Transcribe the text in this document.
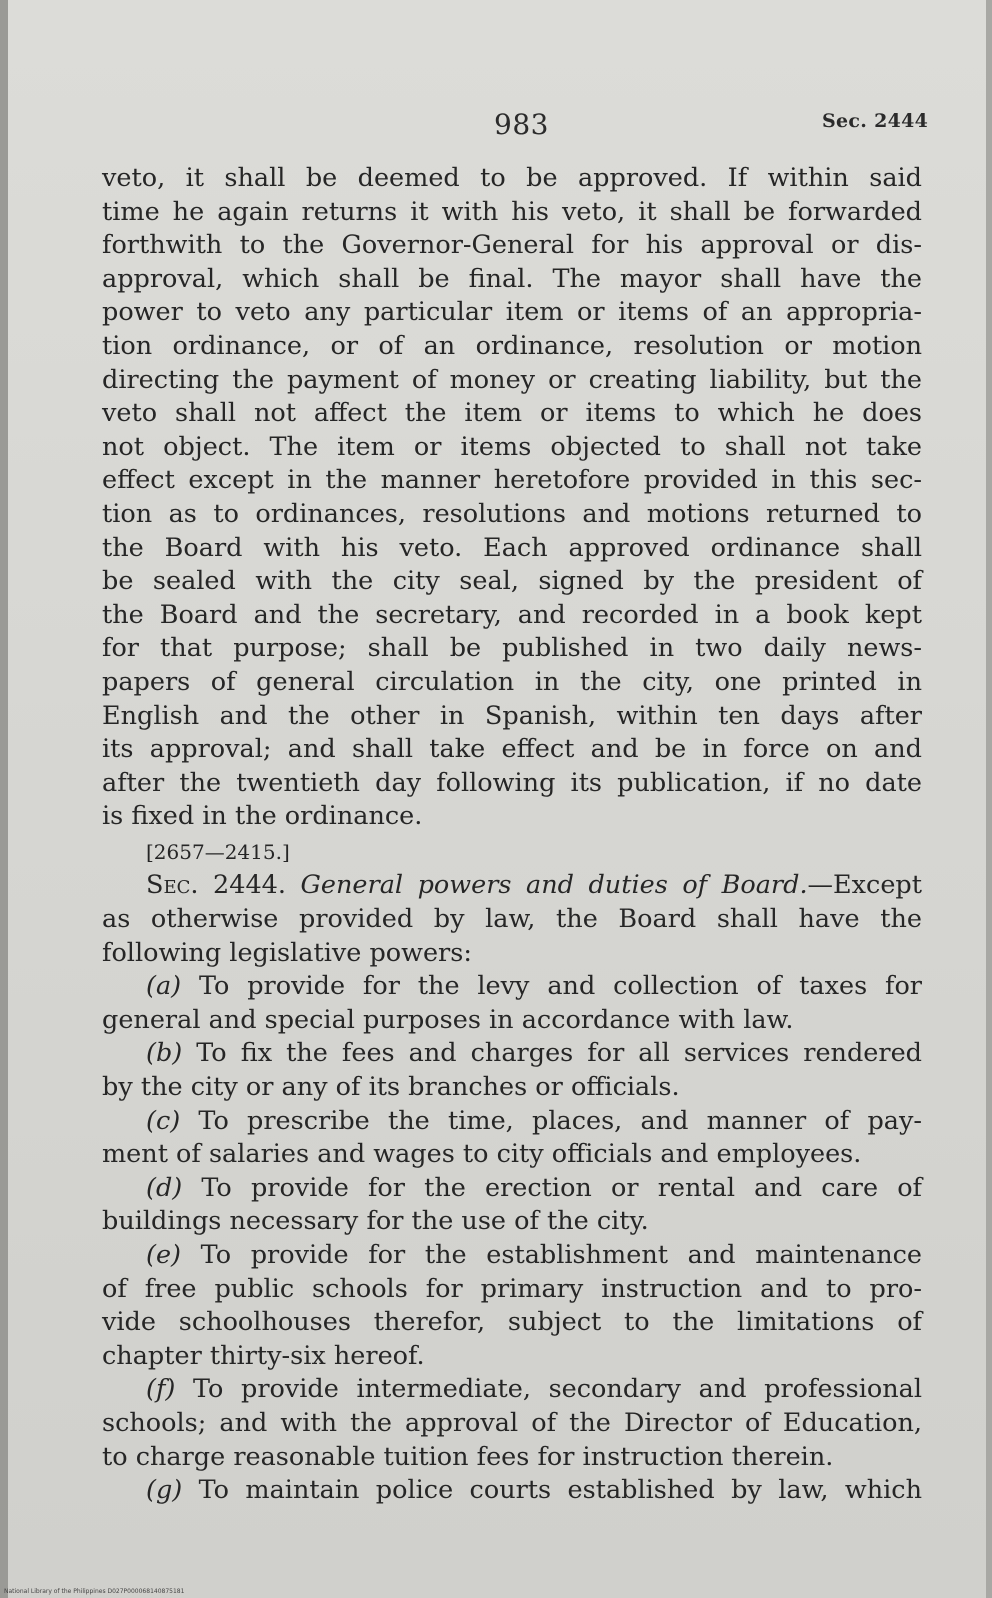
983	Sec. 2444

veto, it shall be deemed to be approved. If within said
time he again returns it with his veto, it shall be forwarded
forthwith to the Governor-General for his approval or dis-
approval, which shall be final. The mayor shall have the
power to veto any particular item or items of an appropria-
tion ordinance, or of an ordinance, resolution or motion
directing the payment of money or creating liability, but the
veto shall not affect the item or items to which he does
not object. The item or items objected to shall not take
effect except in the manner heretofore provided in this sec-
tion as to ordinances, resolutions and motions returned to
the Board with his veto. Each approved ordinance shall
be sealed with the city seal, signed by the president of
the Board and the secretary, and recorded in a book kept
for that purpose; shall be published in two daily news-
papers of general circulation in the city, one printed in
English and the other in Spanish, within ten days after
its approval; and shall take effect and be in force on and
after the twentieth day following its publication, if no date
is fixed in the ordinance.

[2657—2415.]

Sec. 2444. General powers and duties of Board.—Except
as otherwise provided by law, the Board shall have the
following legislative powers:

(a) To provide for the levy and collection of taxes for
general and special purposes in accordance with law.

(b) To fix the fees and charges for all services rendered
by the city or any of its branches or officials.

(c) To prescribe the time, places, and manner of pay-
ment of salaries and wages to city officials and employees.

(d) To provide for the erection or rental and care of
buildings necessary for the use of the city.

(e) To provide for the establishment and maintenance
of free public schools for primary instruction and to pro-
vide schoolhouses therefor, subject to the limitations of
chapter thirty-six hereof.

(f) To provide intermediate, secondary and professional
schools; and with the approval of the Director of Education,
to charge reasonable tuition fees for instruction therein.

(g) To maintain police courts established by law, which

National Library of the Philippines D027P000068140875181
